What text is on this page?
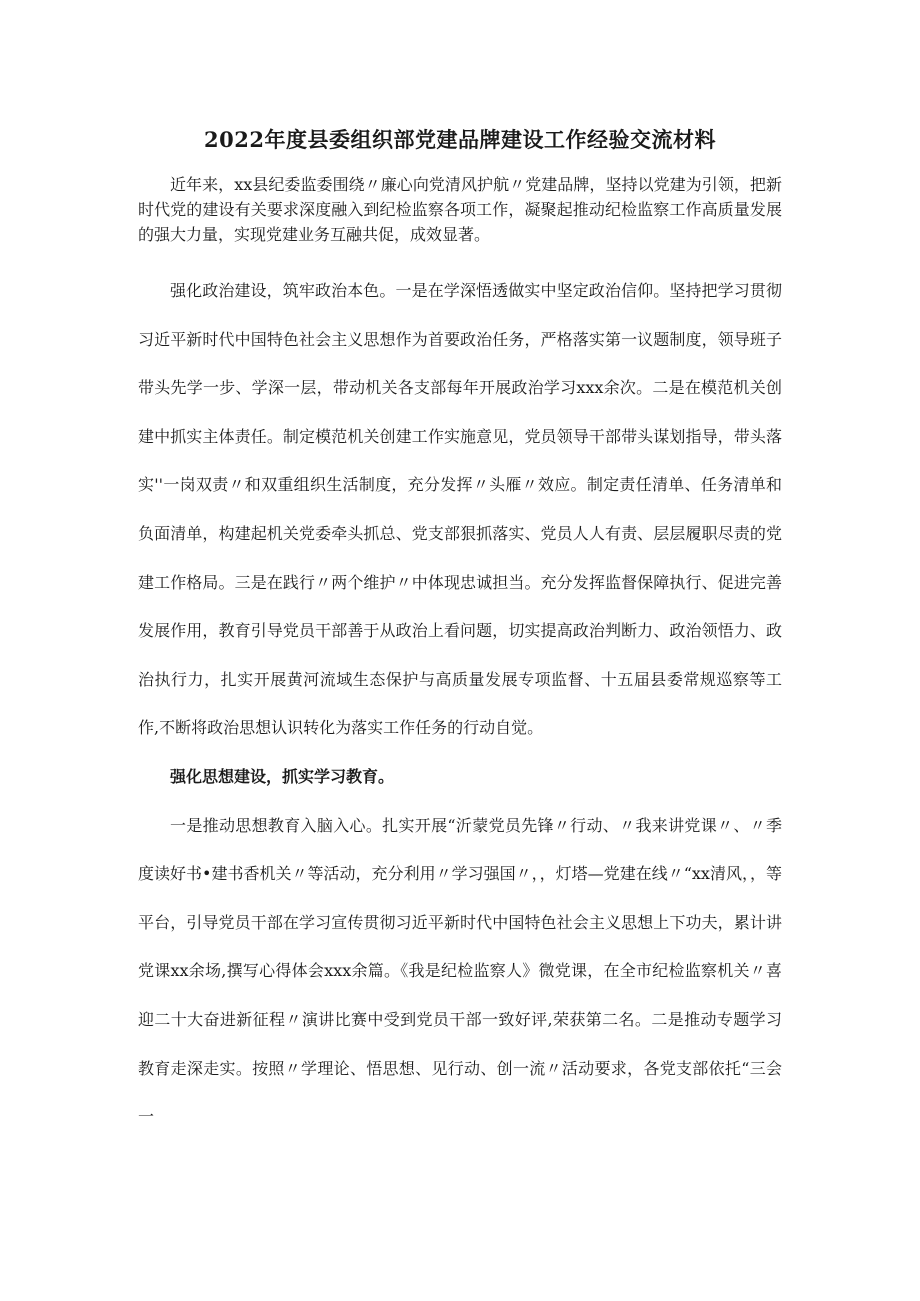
2022年度县委组织部党建品牌建设工作经验交流材料

近年来，xx县纪委监委围绕〃廉心向党清风护航〃党建品牌，坚持以党建为引领，把新时代党的建设有关要求深度融入到纪检监察各项工作，凝聚起推动纪检监察工作高质量发展的强大力量，实现党建业务互融共促，成效显著。

强化政治建设，筑牢政治本色。一是在学深悟透做实中坚定政治信仰。坚持把学习贯彻习近平新时代中国特色社会主义思想作为首要政治任务，严格落实第一议题制度，领导班子带头先学一步、学深一层，带动机关各支部每年开展政治学习xxx余次。二是在模范机关创建中抓实主体责任。制定模范机关创建工作实施意见，党员领导干部带头谋划指导，带头落实''一岗双责〃和双重组织生活制度，充分发挥〃头雁〃效应。制定责任清单、任务清单和负面清单，构建起机关党委牵头抓总、党支部狠抓落实、党员人人有责、层层履职尽责的党建工作格局。三是在践行〃两个维护〃中体现忠诚担当。充分发挥监督保障执行、促进完善发展作用，教育引导党员干部善于从政治上看问题，切实提高政治判断力、政治领悟力、政治执行力，扎实开展黄河流域生态保护与高质量发展专项监督、十五届县委常规巡察等工作,不断将政治思想认识转化为落实工作任务的行动自觉。

强化思想建设，抓实学习教育。

一是推动思想教育入脑入心。扎实开展“沂蒙党员先锋〃行动、〃我来讲党课〃、〃季度读好书•建书香机关〃等活动，充分利用〃学习强国〃，，灯塔—党建在线〃“xx清风，，等平台，引导党员干部在学习宣传贯彻习近平新时代中国特色社会主义思想上下功夫，累计讲党课xx余场,撰写心得体会xxx余篇。《我是纪检监察人》微党课，在全市纪检监察机关〃喜迎二十大奋进新征程〃演讲比赛中受到党员干部一致好评,荣获第二名。二是推动专题学习教育走深走实。按照〃学理论、悟思想、见行动、创一流〃活动要求，各党支部依托“三会一
